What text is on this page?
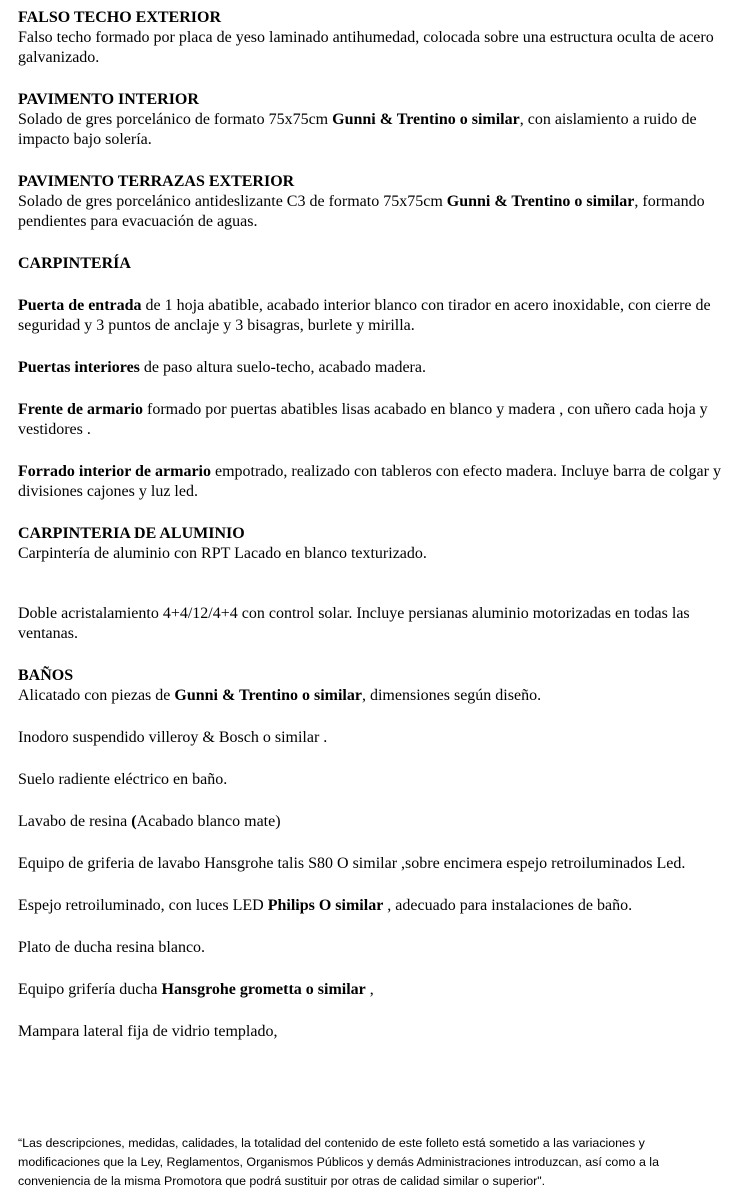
FALSO TECHO EXTERIOR

Falso techo formado por placa de yeso laminado antihumedad, colocada sobre una estructura oculta de acero galvanizado.

PAVIMENTO INTERIOR

Solado de gres porcelánico de formato 75x75cm Gunni & Trentino o similar, con aislamiento a ruido de impacto bajo solería.

PAVIMENTO TERRAZAS EXTERIOR

Solado de gres porcelánico antideslizante C3 de formato 75x75cm Gunni & Trentino o similar, formando pendientes para evacuación de aguas.

CARPINTERÍA

Puerta de entrada de 1 hoja abatible, acabado interior blanco con tirador en acero inoxidable, con cierre de seguridad y 3 puntos de anclaje y 3 bisagras, burlete y mirilla.

Puertas interiores de paso altura suelo-techo, acabado madera.

Frente de armario formado por puertas abatibles lisas acabado en blanco y madera , con uñero cada hoja y vestidores .

Forrado interior de armario empotrado, realizado con tableros con efecto madera. Incluye barra de colgar y divisiones cajones y luz led.

CARPINTERIA DE ALUMINIO

Carpintería de aluminio con RPT Lacado en blanco texturizado.

Doble acristalamiento 4+4/12/4+4 con control solar. Incluye persianas aluminio motorizadas en todas las ventanas.

BAÑOS

Alicatado con piezas de Gunni & Trentino o similar, dimensiones según diseño.

Inodoro suspendido villeroy & Bosch o similar .

Suelo radiente eléctrico en baño.

Lavabo de resina (Acabado blanco mate)

Equipo de griferia de lavabo Hansgrohe talis S80 O similar ,sobre encimera espejo retroiluminados Led.

Espejo retroiluminado, con luces LED Philips O similar , adecuado para instalaciones de baño.

Plato de ducha resina blanco.

Equipo grifería ducha Hansgrohe grometta o similar ,

Mampara lateral fija de vidrio templado,

“Las descripciones, medidas, calidades, la totalidad del contenido de este folleto está sometido a las variaciones y modificaciones que la Ley, Reglamentos, Organismos Públicos y demás Administraciones introduzcan, así como a la conveniencia de la misma Promotora que podrá sustituir por otras de calidad similar o superior".
